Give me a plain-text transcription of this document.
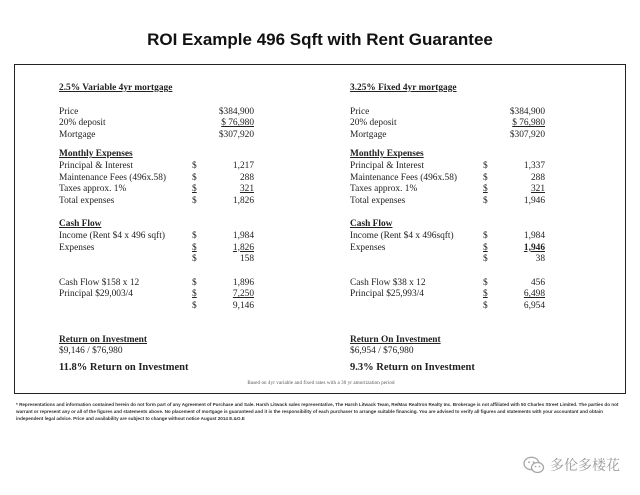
ROI Example 496 Sqft with Rent Guarantee
2.5% Variable 4yr mortgage
Price	$384,900
20% deposit	$ 76,980
Mortgage	$307,920
Monthly Expenses
Principal & Interest	$	1,217
Maintenance Fees (496x.58)	$	288
Taxes approx. 1%	$	321
Total expenses	$	1,826
Cash Flow
Income (Rent $4 x 496 sqft)	$	1,984
Expenses	$	1,826
$	158
Cash Flow $158 x 12	$	1,896
Principal $29,003/4	$	7,250
$	9,146
Return on Investment
$9,146 / $76,980
11.8% Return on Investment
3.25% Fixed 4yr mortgage
Price	$384,900
20% deposit	$ 76,980
Mortgage	$307,920
Monthly Expenses
Principal & Interest	$	1,337
Maintenance Fees (496x.58)	$	288
Taxes approx. 1%	$	321
Total expenses	$	1,946
Cash Flow
Income (Rent $4 x 496sqft)	$	1,984
Expenses	$	1,946
$	38
Cash Flow $38 x 12	$	456
Principal $25,993/4	$	6,498
$	6,954
Return On Investment
$6,954 / $76,980
9.3% Return on Investment
Based on 4yr variable and fixed rates with a 30 yr amortization period
* Representations and information contained herein do not form part of any Agreement of Purchase and Sale. Harsh Litwack sales representative, The Harsh Litwack Team, Re/Max Realtron Realty Inc. Brokerage is not affiliated with 50 Charles Street Limited. The parties do not warrant or represent any or all of the figures and statements above. No placement of mortgage is guaranteed and it is the responsibility of each purchaser to arrange suitable financing. You are advised to verify all figures and statements with your accountant and obtain independent legal advice. Price and availability are subject to change without notice August 2014 E.&O.E
多伦多楼花
